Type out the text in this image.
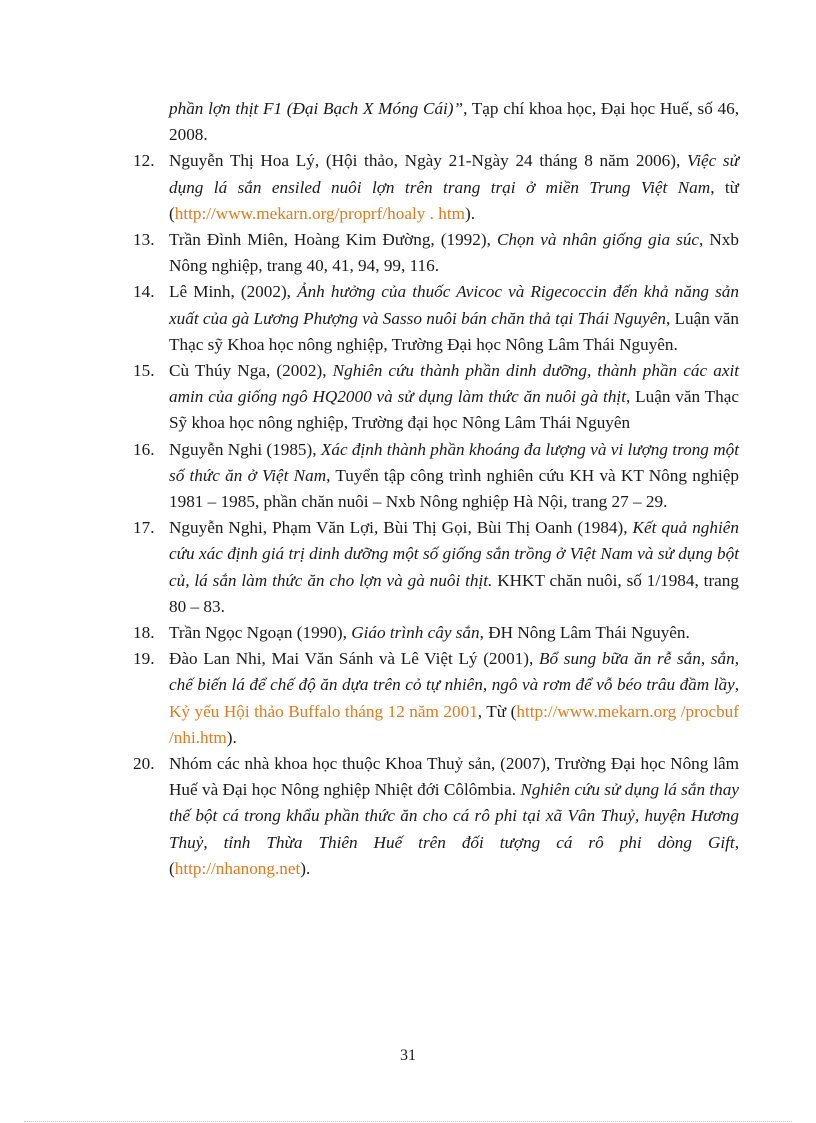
phần lợn thịt F1 (Đại Bạch X Móng Cái)”, Tạp chí khoa học, Đại học Huế, số 46, 2008.
12. Nguyễn Thị Hoa Lý, (Hội thảo, Ngày 21-Ngày 24 tháng 8 năm 2006), Việc sử dụng lá sắn ensiled nuôi lợn trên trang trại ở miền Trung Việt Nam, từ (http://www.mekarn.org/proprf/hoaly . htm).
13. Trần Đình Miên, Hoàng Kim Đường, (1992), Chọn và nhân giống gia súc, Nxb Nông nghiệp, trang 40, 41, 94, 99, 116.
14. Lê Minh, (2002), Ảnh hưởng của thuốc Avicoc và Rigecoccin đến khả năng sản xuất của gà Lương Phượng và Sasso nuôi bán chăn thả tại Thái Nguyên, Luận văn Thạc sỹ Khoa học nông nghiệp, Trường Đại học Nông Lâm Thái Nguyên.
15. Cù Thúy Nga, (2002), Nghiên cứu thành phần dinh dưỡng, thành phần các axit amin của giống ngô HQ2000 và sử dụng làm thức ăn nuôi gà thịt, Luận văn Thạc Sỹ khoa học nông nghiệp, Trường đại học Nông Lâm Thái Nguyên
16. Nguyễn Nghi (1985), Xác định thành phần khoáng đa lượng và vi lượng trong một số thức ăn ở Việt Nam, Tuyển tập công trình nghiên cứu KH và KT Nông nghiệp 1981 – 1985, phần chăn nuôi – Nxb Nông nghiệp Hà Nội, trang 27 – 29.
17. Nguyễn Nghi, Phạm Văn Lợi, Bùi Thị Gọi, Bùi Thị Oanh (1984), Kết quả nghiên cứu xác định giá trị dinh dưỡng một số giống sắn trồng ở Việt Nam và sử dụng bột củ, lá sắn làm thức ăn cho lợn và gà nuôi thịt. KHKT chăn nuôi, số 1/1984, trang 80 – 83.
18. Trần Ngọc Ngoạn (1990), Giáo trình cây sắn, ĐH Nông Lâm Thái Nguyên.
19. Đào Lan Nhi, Mai Văn Sánh và Lê Việt Lý (2001), Bổ sung bữa ăn rễ sắn, sắn, chế biến lá để chế độ ăn dựa trên cỏ tự nhiên, ngô và rơm để vỗ béo trâu đầm lầy, Kỷ yếu Hội thảo Buffalo tháng 12 năm 2001, Từ (http://www.mekarn.org /procbuf /nhi.htm).
20. Nhóm các nhà khoa học thuộc Khoa Thuỷ sản, (2007), Trường Đại học Nông lâm Huế và Đại học Nông nghiệp Nhiệt đới Côlômbia. Nghiên cứu sử dụng lá sắn thay thế bột cá trong khẩu phần thức ăn cho cá rô phi tại xã Vân Thuỷ, huyện Hương Thuỷ, tỉnh Thừa Thiên Huế trên đối tượng cá rô phi dòng Gift, (http://nhanong.net).
31
